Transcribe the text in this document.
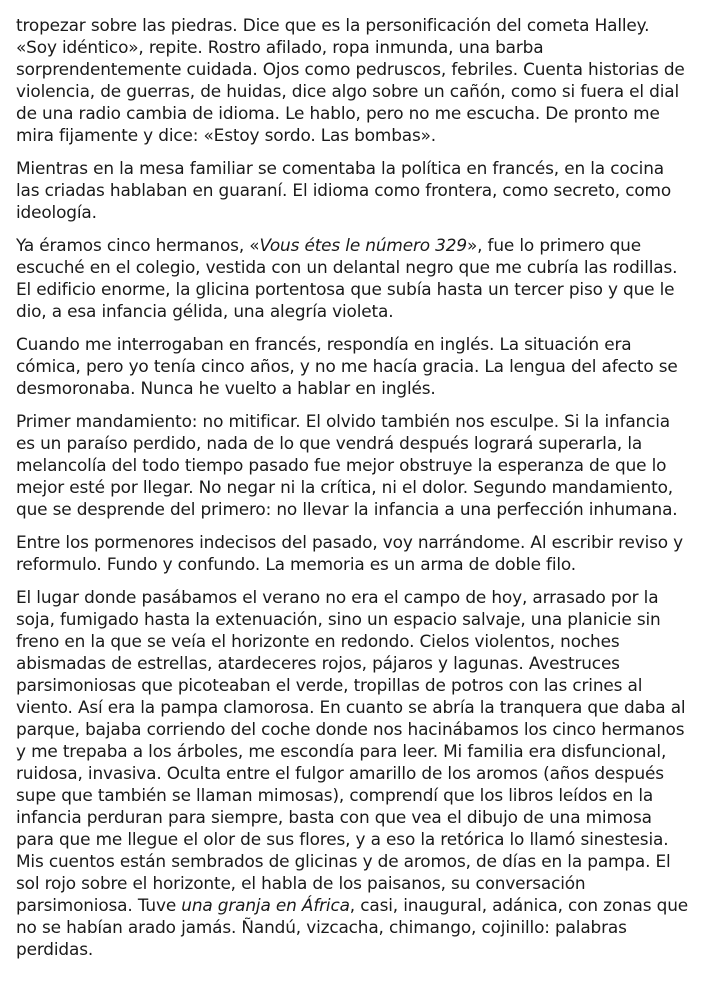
tropezar sobre las piedras. Dice que es la personificación del cometa Halley. «Soy idéntico», repite. Rostro afilado, ropa inmunda, una barba sorprendentemente cuidada. Ojos como pedruscos, febriles. Cuenta historias de violencia, de guerras, de huidas, dice algo sobre un cañón, como si fuera el dial de una radio cambia de idioma. Le hablo, pero no me escucha. De pronto me mira fijamente y dice: «Estoy sordo. Las bombas».

Mientras en la mesa familiar se comentaba la política en francés, en la cocina las criadas hablaban en guaraní. El idioma como frontera, como secreto, como ideología.

Ya éramos cinco hermanos, «Vous étes le número 329», fue lo primero que escuché en el colegio, vestida con un delantal negro que me cubría las rodillas. El edificio enorme, la glicina portentosa que subía hasta un tercer piso y que le dio, a esa infancia gélida, una alegría violeta.

Cuando me interrogaban en francés, respondía en inglés. La situación era cómica, pero yo tenía cinco años, y no me hacía gracia. La lengua del afecto se desmoronaba. Nunca he vuelto a hablar en inglés.

Primer mandamiento: no mitificar. El olvido también nos esculpe. Si la infancia es un paraíso perdido, nada de lo que vendrá después logrará superarla, la melancolía del todo tiempo pasado fue mejor obstruye la esperanza de que lo mejor esté por llegar. No negar ni la crítica, ni el dolor. Segundo mandamiento, que se desprende del primero: no llevar la infancia a una perfección inhumana.

Entre los pormenores indecisos del pasado, voy narrándome. Al escribir reviso y reformulo. Fundo y confundo. La memoria es un arma de doble filo.

El lugar donde pasábamos el verano no era el campo de hoy, arrasado por la soja, fumigado hasta la extenuación, sino un espacio salvaje, una planicie sin freno en la que se veía el horizonte en redondo. Cielos violentos, noches abismadas de estrellas, atardeceres rojos, pájaros y lagunas. Avestruces parsimoniosas que picoteaban el verde, tropillas de potros con las crines al viento. Así era la pampa clamorosa. En cuanto se abría la tranquera que daba al parque, bajaba corriendo del coche donde nos hacinábamos los cinco hermanos y me trepaba a los árboles, me escondía para leer. Mi familia era disfuncional, ruidosa, invasiva. Oculta entre el fulgor amarillo de los aromos (años después supe que también se llaman mimosas), comprendí que los libros leídos en la infancia perduran para siempre, basta con que vea el dibujo de una mimosa para que me llegue el olor de sus flores, y a eso la retórica lo llamó sinestesia. Mis cuentos están sembrados de glicinas y de aromos, de días en la pampa. El sol rojo sobre el horizonte, el habla de los paisanos, su conversación parsimoniosa. Tuve una granja en África, casi, inaugural, adánica, con zonas que no se habían arado jamás. Ñandú, vizcacha, chimango, cojinillo: palabras perdidas.
